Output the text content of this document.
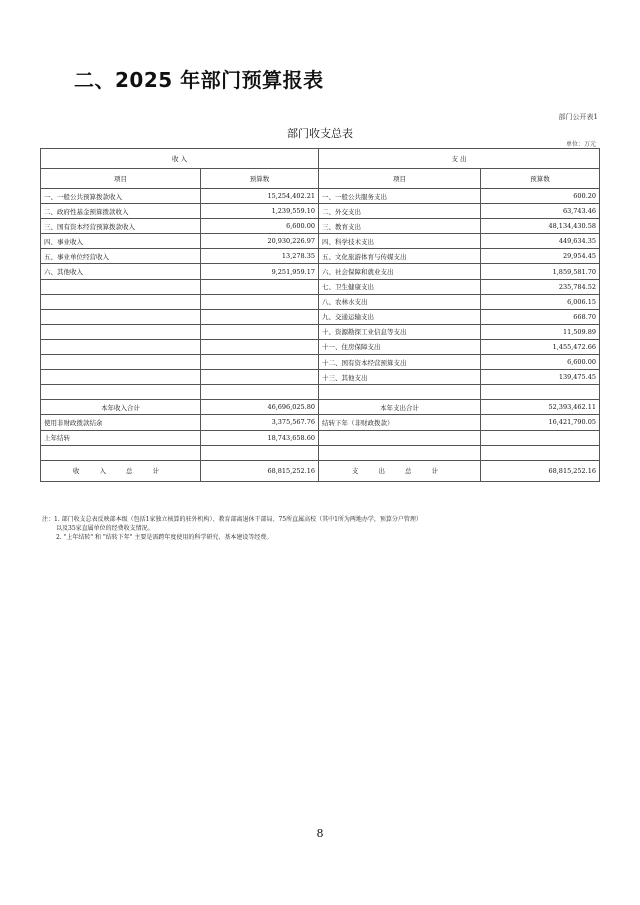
二、2025 年部门预算报表
部门公开表1
部门收支总表
单位：万元
收 入		支 出	
项目	预算数	项目	预算数
一、一般公共预算拨款收入	15,254,402.21	一、一般公共服务支出	600.20
二、政府性基金预算拨款收入	1,239,559.10	二、外交支出	63,743.46
三、国有资本经营预算拨款收入	6,600.00	三、教育支出	48,134,430.58
四、事业收入	20,930,226.97	四、科学技术支出	449,634.35
五、事业单位经营收入	13,278.35	五、文化旅游体育与传媒支出	29,954.45
六、其他收入	9,251,959.17	六、社会保障和就业支出	1,859,581.70
		七、卫生健康支出	235,784.52
		八、农林水支出	6,006.15
		九、交通运输支出	668.70
		十、资源勘探工业信息等支出	11,509.89
		十一、住房保障支出	1,455,472.66
		十二、国有资本经营预算支出	6,600.00
		十三、其他支出	139,475.45

本年收入合计	46,696,025.80	本年支出合计	52,393,462.11
使用非财政拨款结余	3,375,567.76	结转下年（非财政拨款）	16,421,790.05
上年结转	18,743,658.60		

收 入 总 计	68,815,252.16	支 出 总 计	68,815,252.16
注：1. 部门收支总表反映部本级（包括1家独立核算的驻外机构）、教育部离退休干部局、75所直属高校（其中1所为两地办学，预算分户管理）
以及35家直属单位的经费收支情况。
2. "上年结转" 和 "结转下年" 主要是需跨年度使用的科学研究、基本建设等经费。
8
